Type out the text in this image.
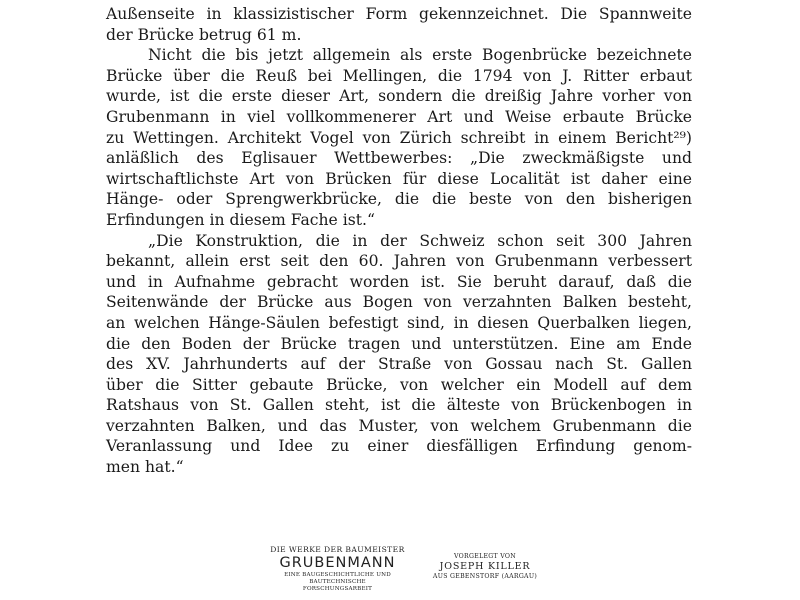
Außenseite in klassizistischer Form gekennzeichnet. Die Spannweite
der Brücke betrug 61 m.

Nicht die bis jetzt allgemein als erste Bogenbrücke bezeichnete
Brücke über die Reuß bei Mellingen, die 1794 von J. Ritter erbaut
wurde, ist die erste dieser Art, sondern die dreißig Jahre vorher von
Grubenmann in viel vollkommenerer Art und Weise erbaute Brücke
zu Wettingen. Architekt Vogel von Zürich schreibt in einem Bericht²⁹)
anläßlich des Eglisauer Wettbewerbes: „Die zweckmäßigste und
wirtschaftlichste Art von Brücken für diese Localität ist daher eine
Hänge- oder Sprengwerkbrücke, die die beste von den bisherigen
Erfindungen in diesem Fache ist.“

„Die Konstruktion, die in der Schweiz schon seit 300 Jahren
bekannt, allein erst seit den 60. Jahren von Grubenmann verbessert
und in Aufnahme gebracht worden ist. Sie beruht darauf, daß die
Seitenwände der Brücke aus Bogen von verzahnten Balken besteht,
an welchen Hänge-Säulen befestigt sind, in diesen Querbalken liegen,
die den Boden der Brücke tragen und unterstützen. Eine am Ende
des XV. Jahrhunderts auf der Straße von Gossau nach St. Gallen
über die Sitter gebaute Brücke, von welcher ein Modell auf dem
Ratshaus von St. Gallen steht, ist die älteste von Brückenbogen in
verzahnten Balken, und das Muster, von welchem Grubenmann die
Veranlassung und Idee zu einer diesfälligen Erfindung genom-
men hat.“

DIE WERKE DER BAUMEISTER
GRUBENMANN
EINE BAUGESCHICHTLICHE UND BAUTECHNISCHE
FORSCHUNGSARBEIT
VORGELEGT VON
JOSEPH KILLER
AUS GEBENSTORF (AARGAU)
